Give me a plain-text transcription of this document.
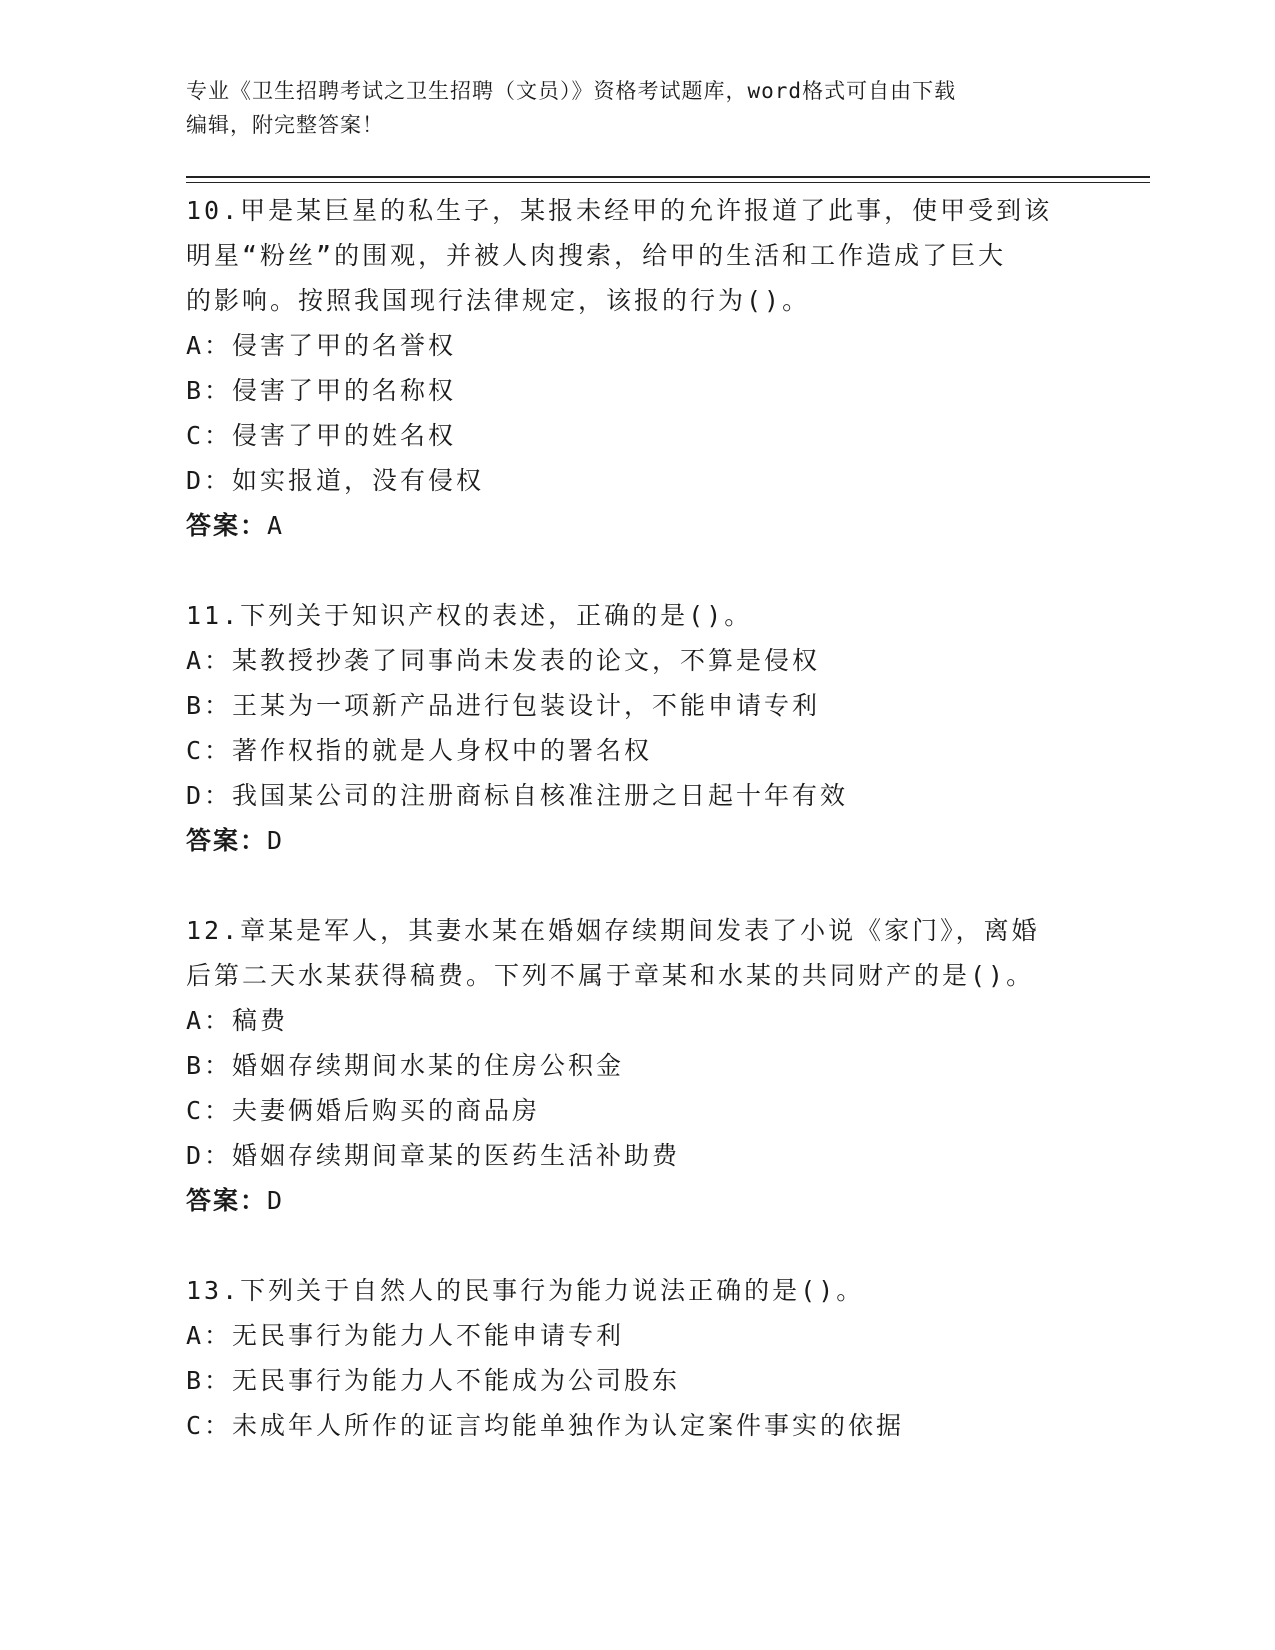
专业《卫生招聘考试之卫生招聘（文员）》资格考试题库，word格式可自由下载
编辑，附完整答案！
10.甲是某巨星的私生子，某报未经甲的允许报道了此事，使甲受到该
明星“粉丝”的围观，并被人肉搜索，给甲的生活和工作造成了巨大
的影响。按照我国现行法律规定，该报的行为()。
A：侵害了甲的名誉权
B：侵害了甲的名称权
C：侵害了甲的姓名权
D：如实报道，没有侵权
答案：A
11.下列关于知识产权的表述，正确的是()。
A：某教授抄袭了同事尚未发表的论文，不算是侵权
B：王某为一项新产品进行包装设计，不能申请专利
C：著作权指的就是人身权中的署名权
D：我国某公司的注册商标自核准注册之日起十年有效
答案：D
12.章某是军人，其妻水某在婚姻存续期间发表了小说《家门》，离婚
后第二天水某获得稿费。下列不属于章某和水某的共同财产的是()。
A：稿费
B：婚姻存续期间水某的住房公积金
C：夫妻俩婚后购买的商品房
D：婚姻存续期间章某的医药生活补助费
答案：D
13.下列关于自然人的民事行为能力说法正确的是()。
A：无民事行为能力人不能申请专利
B：无民事行为能力人不能成为公司股东
C：未成年人所作的证言均能单独作为认定案件事实的依据
